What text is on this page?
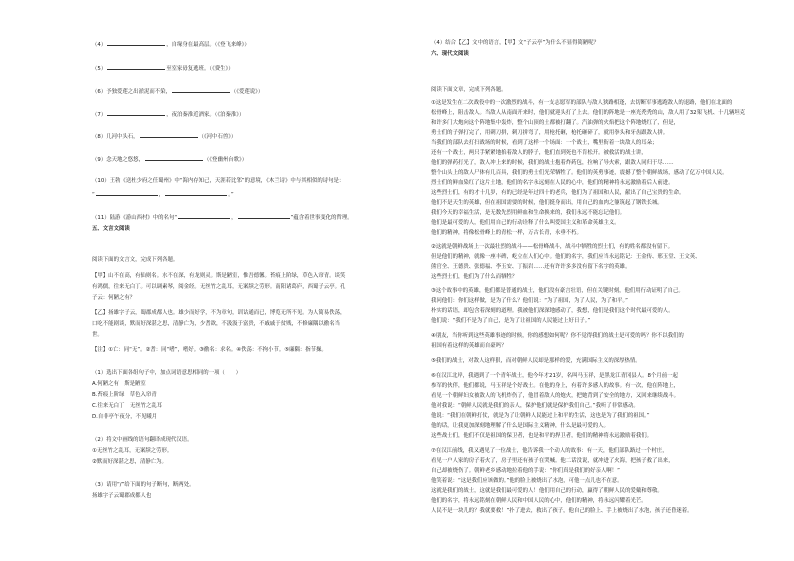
（4）	，自缘身在最高层。（《登飞来峰》）
（5）	至室家毋复逃班。（《费生》）
（6）予独爱莲之出淤泥而不染，	（《爱莲说》）
（7）	，夜泊秦淮近酒家。（《泊秦淮》）
（8）几河中头石，	（《河中石兽》）
（9）念天地之悠悠，	（《登幽州台歌》）
（10）王勃《送杜少府之任蜀州》中“海内存知己，天涯若比邻”的意境，《木兰诗》中与其相似的诗句是：
“	，	。”
（11）陆游《游山西村》中的名句“	，	”蕴含着世事变化的哲理。
五、文言文阅读
阅读下面的文言文，完成下列各题。
【甲】山不在高，有仙则名。水不在深，有龙则灵。斯是陋室，惟吾德馨。苔痕上阶绿，草色入帘青。谈笑
有鸿儒，往来无白丁。可以调素琴，阅金经。无丝竹之乱耳，无案牍之劳形。南阳诸葛庐，西蜀子云亭。孔
子云：何陋之有？
【乙】扬雄字子云，蜀郡成都人也。雄少而好学，不为章句，训诂通而已，博览无所不见。为人简易佚荡，
口吃不能剧谈，默而好深湛之思，清静亡为，少耆欲，不汲汲于富贵，不戚戚于贫贱，不修廉隅以徼名当
世。
【注】①亡：同“无”。②耆：同“嗜”，嗜好。③徼名：求名。④佚荡：不拘小节。⑤廉隅：指节操。
（1）选出下面各组句子中，加点词语意思相同的一项（　　）
A.何陋之有　斯是陋室
B.苔痕上阶绿　草色入帘青
C.往来无白丁　无丝竹之乱耳
D.自非亭午夜分，不见曦月
（2）将文中画线的语句翻译成现代汉语。
①无丝竹之乱耳，无案牍之劳形。
②默而好深湛之思，清静亡为。
（3）请用“/”给下面的句子断句，断两处。
扬雄字子云蜀郡成都人也
（4）结合【乙】文中的语言，【甲】文“子云亭”为什么不显得简陋呢？
六、现代文阅读
阅读下面文章，完成下列各题。
①这是发生在二次战役中的一次激烈的战斗，有一支志愿军的部队与敌人狭路相逢，去切断军事逃跑敌人的退路，他们在北面的
松骨峰上，阻击敌人。当敌人从南面开来时，他们就迎头打了上去。他们的阵地是一座光秃秃的山，敌人用了32架飞机、十几辆坦克
和许多门大炮向这个阵地集中轰炸，整个山顶的土都被打翻了。汽油弹的火焰把这个阵地烧红了，但是，
勇士们的子弹打完了，用刺刀拼，刺刀拼弯了，用枪托砸，枪托砸碎了，就用拳头和牙齿跟敌人拼。
当我们的部队去打扫战场的时候，看到了这样一个场面：一个战士，嘴里衔着一块敌人的耳朵；
还有一个战士，两只手紧紧地掐着敌人的脖子，他们直到死也不肯松开。被救活的战士讲，
他们的弹药打光了，敌人冲上来的时候，我们的战士抱着炸药包，拉响了导火索，跟敌人同归于尽……
整个山头上的敌人尸体有几百具，我们的勇士们光荣牺牲了。他们的英勇事迹，震撼了整个朝鲜战场，感动了亿万中国人民。
烈士们的鲜血染红了这片土地，他们的名字永远刻在人民的心中，他们的精神将永远激励着后人前进。
这些烈士们，有的才十几岁，有的已经是年过四十的老兵，他们为了祖国和人民，献出了自己宝贵的生命。
他们不是天生的英雄，但在祖国需要的时候，他们挺身而出，用自己的血肉之躯筑起了钢铁长城。
我们今天的幸福生活，是无数先烈用鲜血和生命换来的，我们永远不能忘记他们。
他们是最可爱的人，他们用自己的行动诠释了什么叫爱国主义和革命英雄主义。
他们的精神，将像松骨峰上的青松一样，万古长青，永垂不朽。
②这就是朝鲜战场上一次最壮烈的战斗——松骨峰战斗，战斗中牺牲的烈士们，有的姓名都没有留下。
但是他们的精神，就像一座丰碑，屹立在人们心中。他们的名字，我们应当永远铭记：王金传、邢玉堂、王文英、
熊官全、王德贵、张德福、李玉安、丁振岩……还有许许多多没有留下名字的英雄。
这些烈士们，他们为了什么而牺牲？
③这个故事中的英雄，他们都是普通的战士，他们没有豪言壮语，但在关键时刻，他们用行动证明了自己。
我问他们：你们这样做，是为了什么？他们说：“为了祖国，为了人民，为了和平。”
朴实的话语，却包含着深刻的道理。我被他们深深地感动了，我想，他们是我们这个时代最可爱的人。
他们说：“我们不是为了自己，是为了让祖国的人民能过上好日子。”
④朋友，当你听到这些英雄事迹的时候，你的感想如何呢？你不觉得我们的战士是可爱的吗？你不以我们的
祖国有着这样的英雄而自豪吗？
⑤我们的战士，对敌人这样狠，而对朝鲜人民却是那样的爱，充满国际主义的深厚热情。
⑥在汉江北岸，我遇到了一个青年战士，他今年才21岁，名叫马玉祥，是黑龙江青冈县人。8个月前一起
参军的伙伴，他们都说，马玉祥是个好战士。在他的身上，有着许多感人的故事。有一次，他在阵地上，
看见一个朝鲜妇女被敌人的飞机炸伤了，他冒着敌人的炮火，把她背到了安全的地方，又回来继续战斗。
他对我说：“朝鲜人民就是我们的亲人，保护他们就是保护我们自己。”我听了非常感动。
他说：“我们在朝鲜打仗，就是为了让朝鲜人民能过上和平的生活，这也是为了我们的祖国。”
他的话，让我更加深刻地理解了什么是国际主义精神，什么是最可爱的人。
这些战士们，他们不仅是祖国的保卫者，也是和平的捍卫者，他们的精神将永远激励着我们。
⑦在汉江前线，我又遇见了一位战士，他告诉我一个动人的故事：有一天，他们部队路过一个村庄，
看见一户人家的房子着火了，房子里还有孩子在哭喊。他二话没说，就冲进了火海，把孩子救了出来，
自己却被烧伤了。朝鲜老乡感动地拉着他的手说：“你们真是我们的好亲人啊！”
他笑着说：“这是我们应该做的。”他的脸上被烧出了水泡，可他一点儿也不在意。
这就是我们的战士，这就是我们最可爱的人！他们用自己的行动，赢得了朝鲜人民的爱戴和尊敬。
他们的名字，将永远铭刻在朝鲜人民和中国人民的心中，他们的精神，将永远闪耀着光芒。
人民不是一块儿的？我就要救！”扑了进去，救出了孩子，他自己的脸上、手上被烧出了水泡，孩子还昏迷着。
